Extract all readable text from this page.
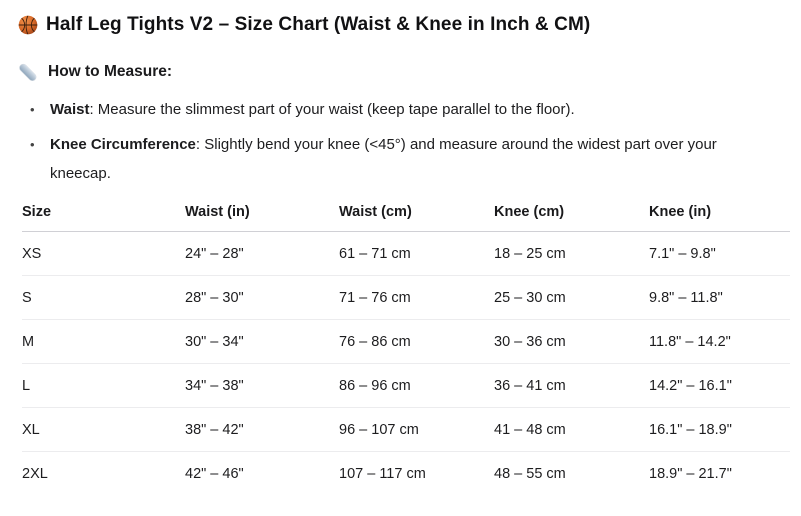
Half Leg Tights V2 – Size Chart (Waist & Knee in Inch & CM)
How to Measure:
• Waist: Measure the slimmest part of your waist (keep tape parallel to the floor).
• Knee Circumference: Slightly bend your knee (<45°) and measure around the widest part over your kneecap.
Size	Waist (in)	Waist (cm)	Knee (cm)	Knee (in)
XS	24" – 28"	61 – 71 cm	18 – 25 cm	7.1" – 9.8"
S	28" – 30"	71 – 76 cm	25 – 30 cm	9.8" – 11.8"
M	30" – 34"	76 – 86 cm	30 – 36 cm	11.8" – 14.2"
L	34" – 38"	86 – 96 cm	36 – 41 cm	14.2" – 16.1"
XL	38" – 42"	96 – 107 cm	41 – 48 cm	16.1" – 18.9"
2XL	42" – 46"	107 – 117 cm	48 – 55 cm	18.9" – 21.7"
